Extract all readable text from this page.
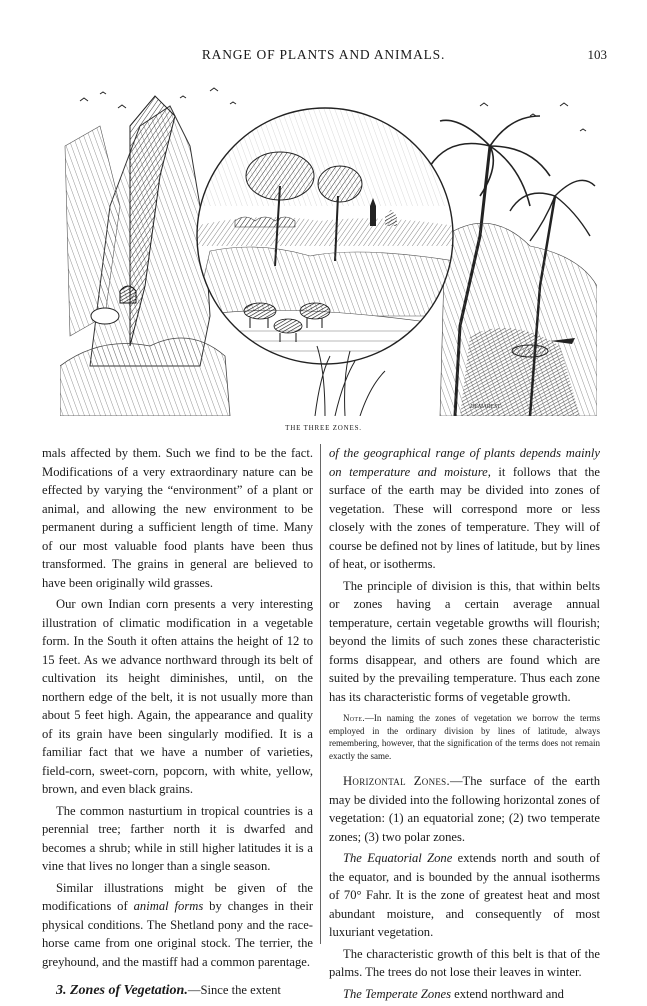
RANGE OF PLANTS AND ANIMALS.	103
DEMAREST
THE THREE ZONES.

mals affected by them. Such we find to be the fact. Modifications of a very extraordinary nature can be effected by varying the “environment” of a plant or animal, and allowing the new environment to be permanent during a sufficient length of time. Many of our most valuable food plants have been thus transformed. The grains in general are believed to have been originally wild grasses.

Our own Indian corn presents a very interesting illustration of climatic modification in a vegetable form. In the South it often attains the height of 12 to 15 feet. As we advance northward through its belt of cultivation its height diminishes, until, on the northern edge of the belt, it is not usually more than about 5 feet high. Again, the appearance and quality of its grain have been singularly modified. It is a familiar fact that we have a number of varieties, field-corn, sweet-corn, popcorn, with white, yellow, brown, and even black grains.

The common nasturtium in tropical countries is a perennial tree; farther north it is dwarfed and becomes a shrub; while in still higher latitudes it is a vine that lives no longer than a single season.

Similar illustrations might be given of the modifications of animal forms by changes in their physical conditions. The Shetland pony and the race-horse came from one original stock. The terrier, the greyhound, and the mastiff had a common parentage.

3. Zones of Vegetation.—Since the extent

of the geographical range of plants depends mainly on temperature and moisture, it follows that the surface of the earth may be divided into zones of vegetation. These will correspond more or less closely with the zones of temperature. They will of course be defined not by lines of latitude, but by lines of heat, or isotherms.

The principle of division is this, that within belts or zones having a certain average annual temperature, certain vegetable growths will flourish; beyond the limits of such zones these characteristic forms disappear, and others are found which are suited by the prevailing temperature. Thus each zone has its characteristic forms of vegetable growth.

Note.—In naming the zones of vegetation we borrow the terms employed in the ordinary division by lines of latitude, always remembering, however, that the signification of the terms does not remain exactly the same.

Horizontal Zones.—The surface of the earth may be divided into the following horizontal zones of vegetation: (1) an equatorial zone; (2) two temperate zones; (3) two polar zones.

The Equatorial Zone extends north and south of the equator, and is bounded by the annual isotherms of 70° Fahr. It is the zone of greatest heat and most abundant moisture, and consequently of most luxuriant vegetation.

The characteristic growth of this belt is that of the palms. The trees do not lose their leaves in winter.

The Temperate Zones extend northward and
